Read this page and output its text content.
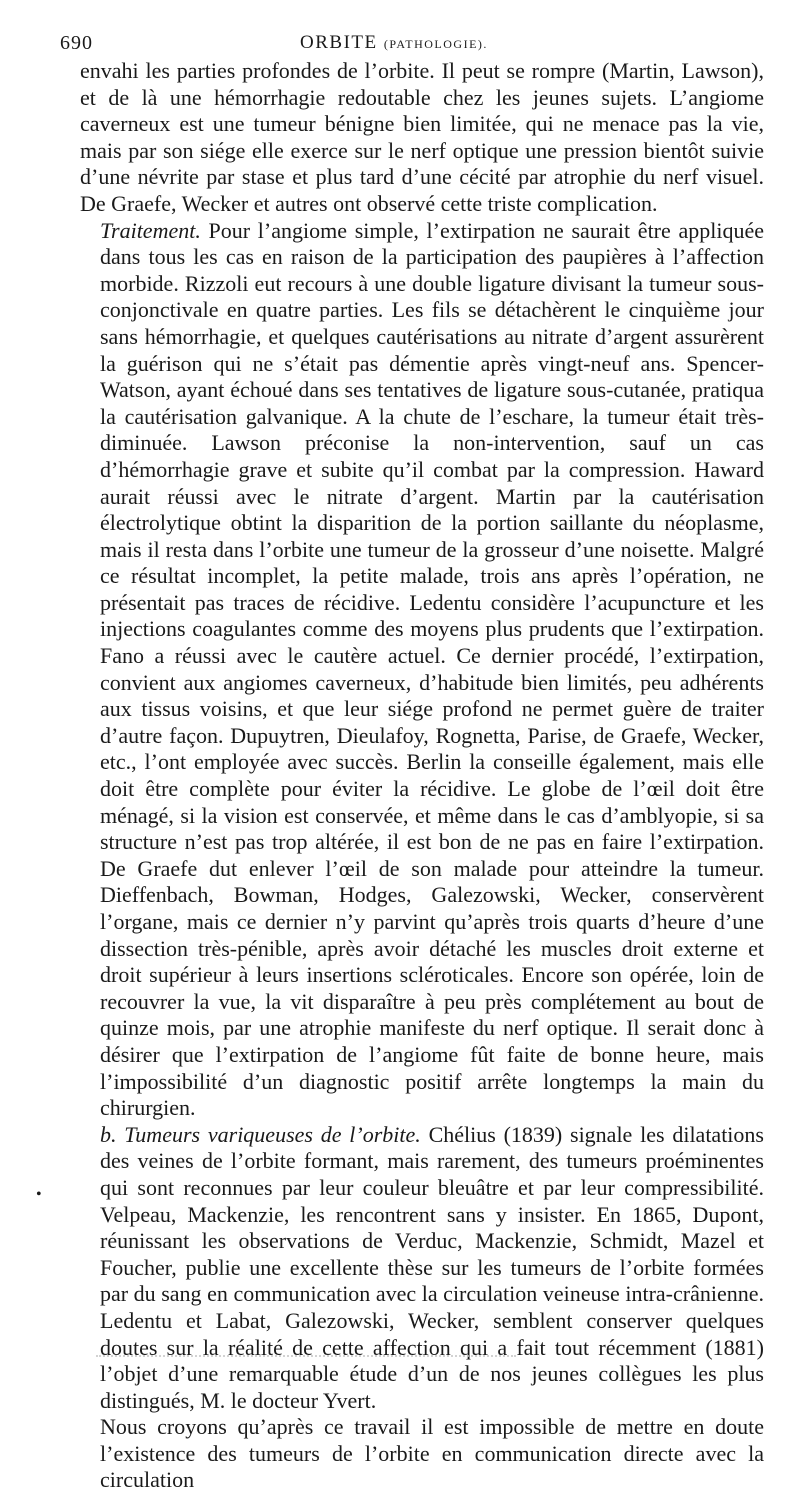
690	ORBITE (PATHOLOGIE).

envahi les parties profondes de l’orbite. Il peut se rompre (Martin, Lawson), et de là une hémorrhagie redoutable chez les jeunes sujets. L’angiome caverneux est une tumeur bénigne bien limitée, qui ne menace pas la vie, mais par son siége elle exerce sur le nerf optique une pression bientôt suivie d’une névrite par stase et plus tard d’une cécité par atrophie du nerf visuel. De Graefe, Wecker et autres ont observé cette triste complication.

Traitement. Pour l’angiome simple, l’extirpation ne saurait être appliquée dans tous les cas en raison de la participation des paupières à l’affection morbide. Rizzoli eut recours à une double ligature divisant la tumeur sous-conjonctivale en quatre parties. Les fils se détachèrent le cinquième jour sans hémorrhagie, et quelques cautérisations au nitrate d’argent assurèrent la guérison qui ne s’était pas démentie après vingt-neuf ans. Spencer-Watson, ayant échoué dans ses tentatives de ligature sous-cutanée, pratiqua la cautérisation galvanique. A la chute de l’eschare, la tumeur était très-diminuée. Lawson préconise la non-intervention, sauf un cas d’hémorrhagie grave et subite qu’il combat par la compression. Haward aurait réussi avec le nitrate d’argent. Martin par la cautérisation électrolytique obtint la disparition de la portion saillante du néoplasme, mais il resta dans l’orbite une tumeur de la grosseur d’une noisette. Malgré ce résultat incomplet, la petite malade, trois ans après l’opération, ne présentait pas traces de récidive. Ledentu considère l’acupuncture et les injections coagulantes comme des moyens plus prudents que l’extirpation. Fano a réussi avec le cautère actuel. Ce dernier procédé, l’extirpation, convient aux angiomes caverneux, d’habitude bien limités, peu adhérents aux tissus voisins, et que leur siége profond ne permet guère de traiter d’autre façon. Dupuytren, Dieulafoy, Rognetta, Parise, de Graefe, Wecker, etc., l’ont employée avec succès. Berlin la conseille également, mais elle doit être complète pour éviter la récidive. Le globe de l’œil doit être ménagé, si la vision est conservée, et même dans le cas d’amblyopie, si sa structure n’est pas trop altérée, il est bon de ne pas en faire l’extirpation. De Graefe dut enlever l’œil de son malade pour atteindre la tumeur. Dieffenbach, Bowman, Hodges, Galezowski, Wecker, conservèrent l’organe, mais ce dernier n’y parvint qu’après trois quarts d’heure d’une dissection très-pénible, après avoir détaché les muscles droit externe et droit supérieur à leurs insertions scléroticales. Encore son opérée, loin de recouvrer la vue, la vit disparaître à peu près complétement au bout de quinze mois, par une atrophie manifeste du nerf optique. Il serait donc à désirer que l’extirpation de l’angiome fût faite de bonne heure, mais l’impossibilité d’un diagnostic positif arrête longtemps la main du chirurgien.

b. Tumeurs variqueuses de l’orbite. Chélius (1839) signale les dilatations des veines de l’orbite formant, mais rarement, des tumeurs proéminentes qui sont reconnues par leur couleur bleuâtre et par leur compressibilité. Velpeau, Mackenzie, les rencontrent sans y insister. En 1865, Dupont, réunissant les observations de Verduc, Mackenzie, Schmidt, Mazel et Foucher, publie une excellente thèse sur les tumeurs de l’orbite formées par du sang en communication avec la circulation veineuse intra-crânienne. Ledentu et Labat, Galezowski, Wecker, semblent conserver quelques doutes sur la réalité de cette affection qui a fait tout récemment (1881) l’objet d’une remarquable étude d’un de nos jeunes collègues les plus distingués, M. le docteur Yvert.

Nous croyons qu’après ce travail il est impossible de mettre en doute l’existence des tumeurs de l’orbite en communication directe avec la circulation

•
